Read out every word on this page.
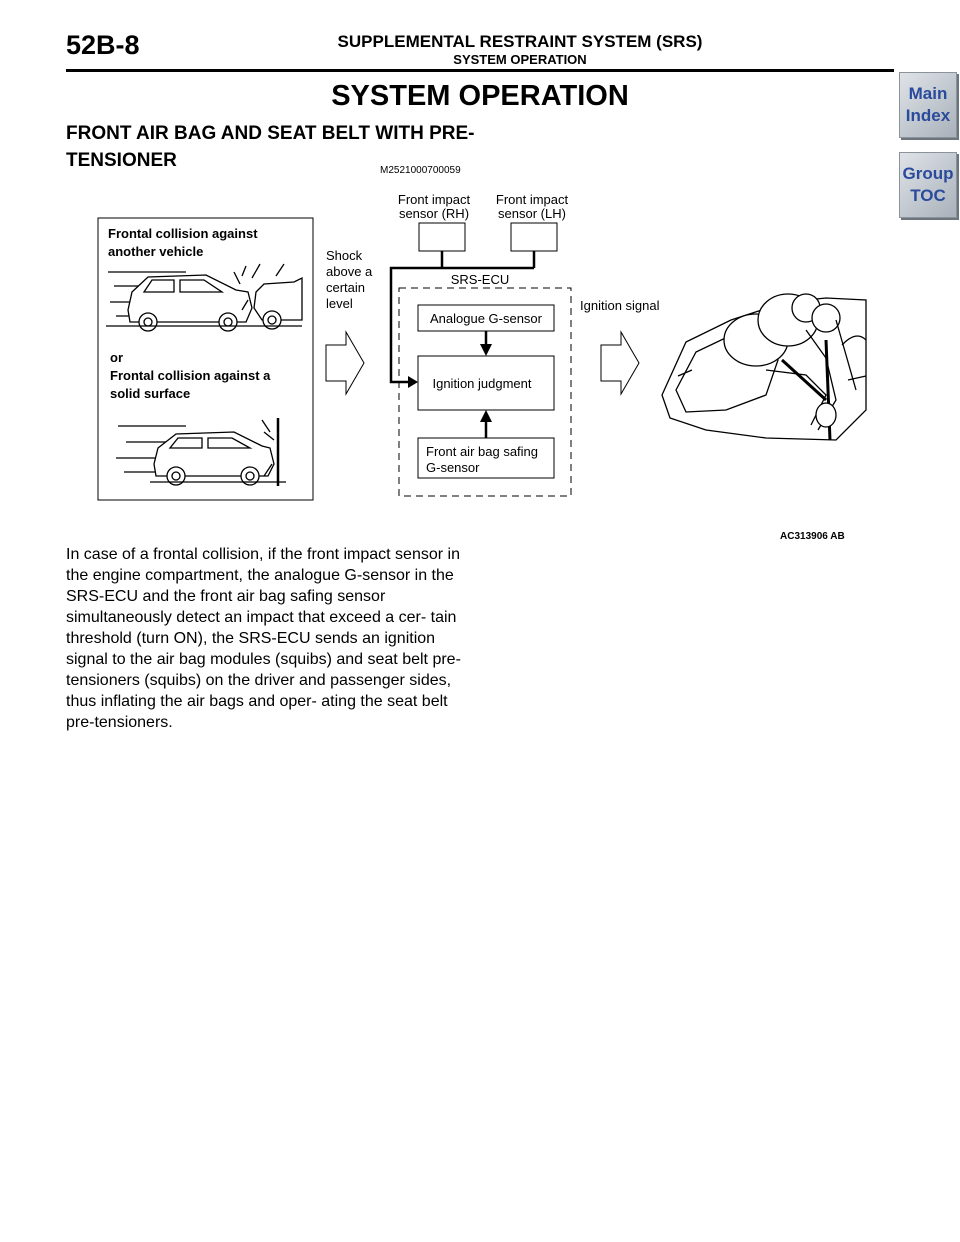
52B-8	SUPPLEMENTAL RESTRAINT SYSTEM (SRS)
SYSTEM OPERATION
Main
Index
Group
TOC
SYSTEM OPERATION
FRONT AIR BAG AND SEAT BELT WITH PRE-TENSIONER	M2521000700059
Frontal collision against
another vehicle
or
Frontal collision against a
solid surface
Shock
above a
certain
level
Front impact
sensor (RH)
Front impact
sensor (LH)
SRS-ECU
Analogue G-sensor
Ignition judgment
Front air bag safing
G-sensor
Ignition signal
AC313906 AB
In case of a frontal collision, if the front impact sensor in the engine compartment, the analogue G-sensor in the SRS-ECU and the front air bag safing sensor simultaneously detect an impact that exceed a cer- tain threshold (turn ON), the SRS-ECU sends an ignition signal to the air bag modules (squibs) and seat belt pre-tensioners (squibs) on the driver and passenger sides, thus inflating the air bags and oper- ating the seat belt pre-tensioners.
